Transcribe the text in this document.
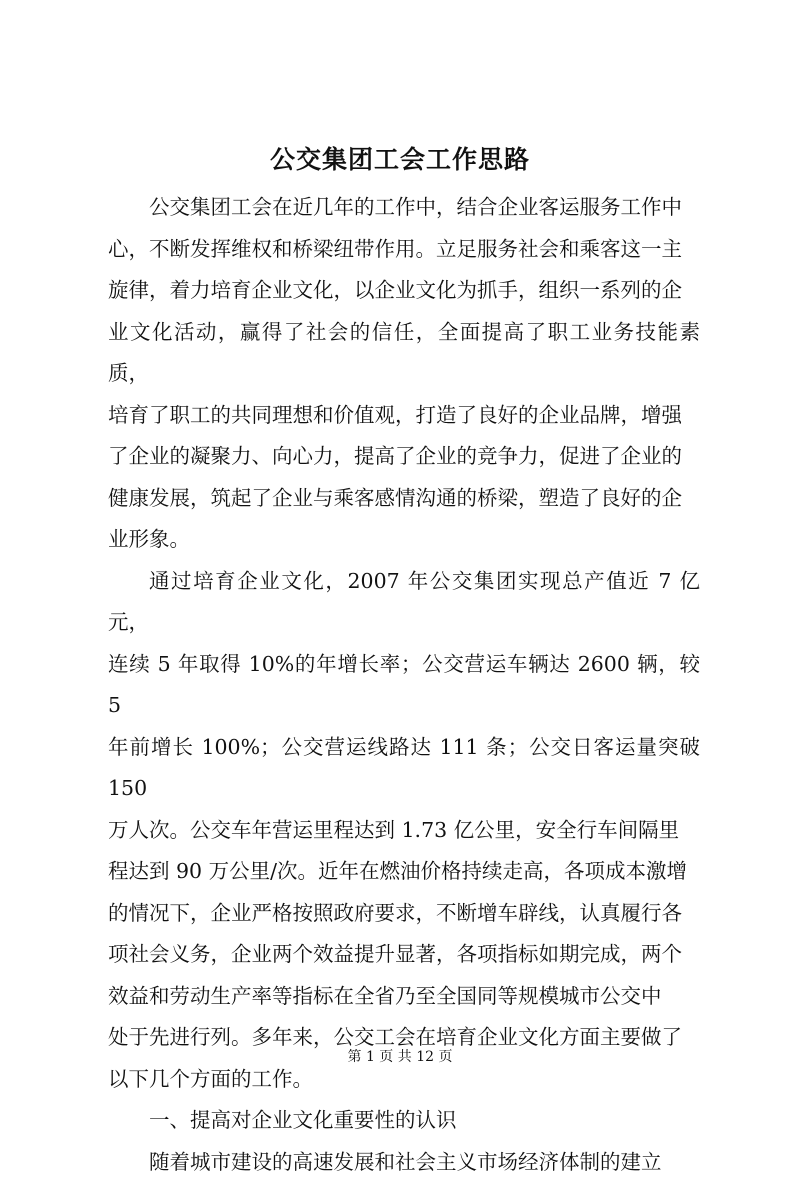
公交集团工会工作思路

公交集团工会在近几年的工作中，结合企业客运服务工作中
心，不断发挥维权和桥梁纽带作用。立足服务社会和乘客这一主
旋律，着力培育企业文化，以企业文化为抓手，组织一系列的企
业文化活动，赢得了社会的信任，全面提高了职工业务技能素质，
培育了职工的共同理想和价值观，打造了良好的企业品牌，增强
了企业的凝聚力、向心力，提高了企业的竞争力，促进了企业的
健康发展，筑起了企业与乘客感情沟通的桥梁，塑造了良好的企
业形象。

通过培育企业文化，2007 年公交集团实现总产值近 7 亿元，
连续 5 年取得 10%的年增长率；公交营运车辆达 2600 辆，较 5
年前增长 100%；公交营运线路达 111 条；公交日客运量突破 150
万人次。公交车年营运里程达到 1.73 亿公里，安全行车间隔里
程达到 90 万公里/次。近年在燃油价格持续走高，各项成本激增
的情况下，企业严格按照政府要求，不断增车辟线，认真履行各
项社会义务，企业两个效益提升显著，各项指标如期完成，两个
效益和劳动生产率等指标在全省乃至全国同等规模城市公交中
处于先进行列。多年来，公交工会在培育企业文化方面主要做了
以下几个方面的工作。

一、提高对企业文化重要性的认识

随着城市建设的高速发展和社会主义市场经济体制的建立

第 1 页 共 12 页
